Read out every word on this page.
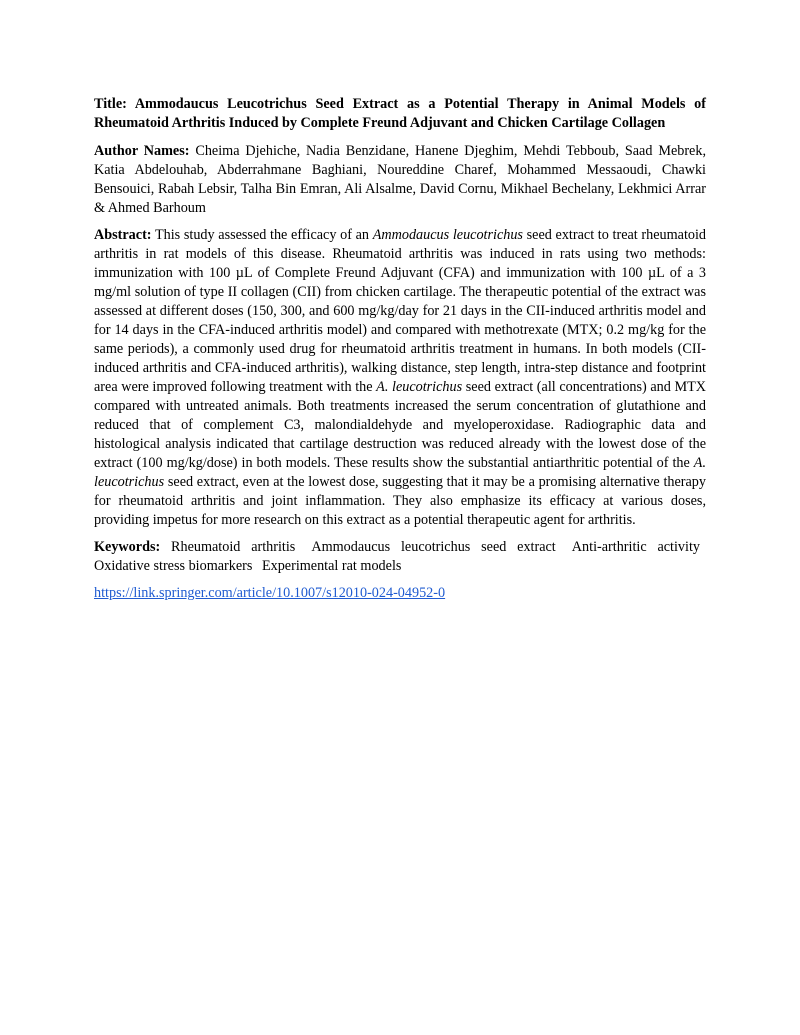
Title: Ammodaucus Leucotrichus Seed Extract as a Potential Therapy in Animal Models of Rheumatoid Arthritis Induced by Complete Freund Adjuvant and Chicken Cartilage Collagen

Author Names: Cheima Djehiche, Nadia Benzidane, Hanene Djeghim, Mehdi Tebboub, Saad Mebrek, Katia Abdelouhab, Abderrahmane Baghiani, Noureddine Charef, Mohammed Messaoudi, Chawki Bensouici, Rabah Lebsir, Talha Bin Emran, Ali Alsalme, David Cornu, Mikhael Bechelany, Lekhmici Arrar & Ahmed Barhoum

Abstract: This study assessed the efficacy of an Ammodaucus leucotrichus seed extract to treat rheumatoid arthritis in rat models of this disease. Rheumatoid arthritis was induced in rats using two methods: immunization with 100 µL of Complete Freund Adjuvant (CFA) and immunization with 100 µL of a 3 mg/ml solution of type II collagen (CII) from chicken cartilage. The therapeutic potential of the extract was assessed at different doses (150, 300, and 600 mg/kg/day for 21 days in the CII-induced arthritis model and for 14 days in the CFA-induced arthritis model) and compared with methotrexate (MTX; 0.2 mg/kg for the same periods), a commonly used drug for rheumatoid arthritis treatment in humans. In both models (CII-induced arthritis and CFA-induced arthritis), walking distance, step length, intra-step distance and footprint area were improved following treatment with the A. leucotrichus seed extract (all concentrations) and MTX compared with untreated animals. Both treatments increased the serum concentration of glutathione and reduced that of complement C3, malondialdehyde and myeloperoxidase. Radiographic data and histological analysis indicated that cartilage destruction was reduced already with the lowest dose of the extract (100 mg/kg/dose) in both models. These results show the substantial antiarthritic potential of the A. leucotrichus seed extract, even at the lowest dose, suggesting that it may be a promising alternative therapy for rheumatoid arthritis and joint inflammation. They also emphasize its efficacy at various doses, providing impetus for more research on this extract as a potential therapeutic agent for arthritis.

Keywords: Rheumatoid arthritis Ammodaucus leucotrichus seed extract Anti-arthritic activity Oxidative stress biomarkers Experimental rat models

https://link.springer.com/article/10.1007/s12010-024-04952-0
